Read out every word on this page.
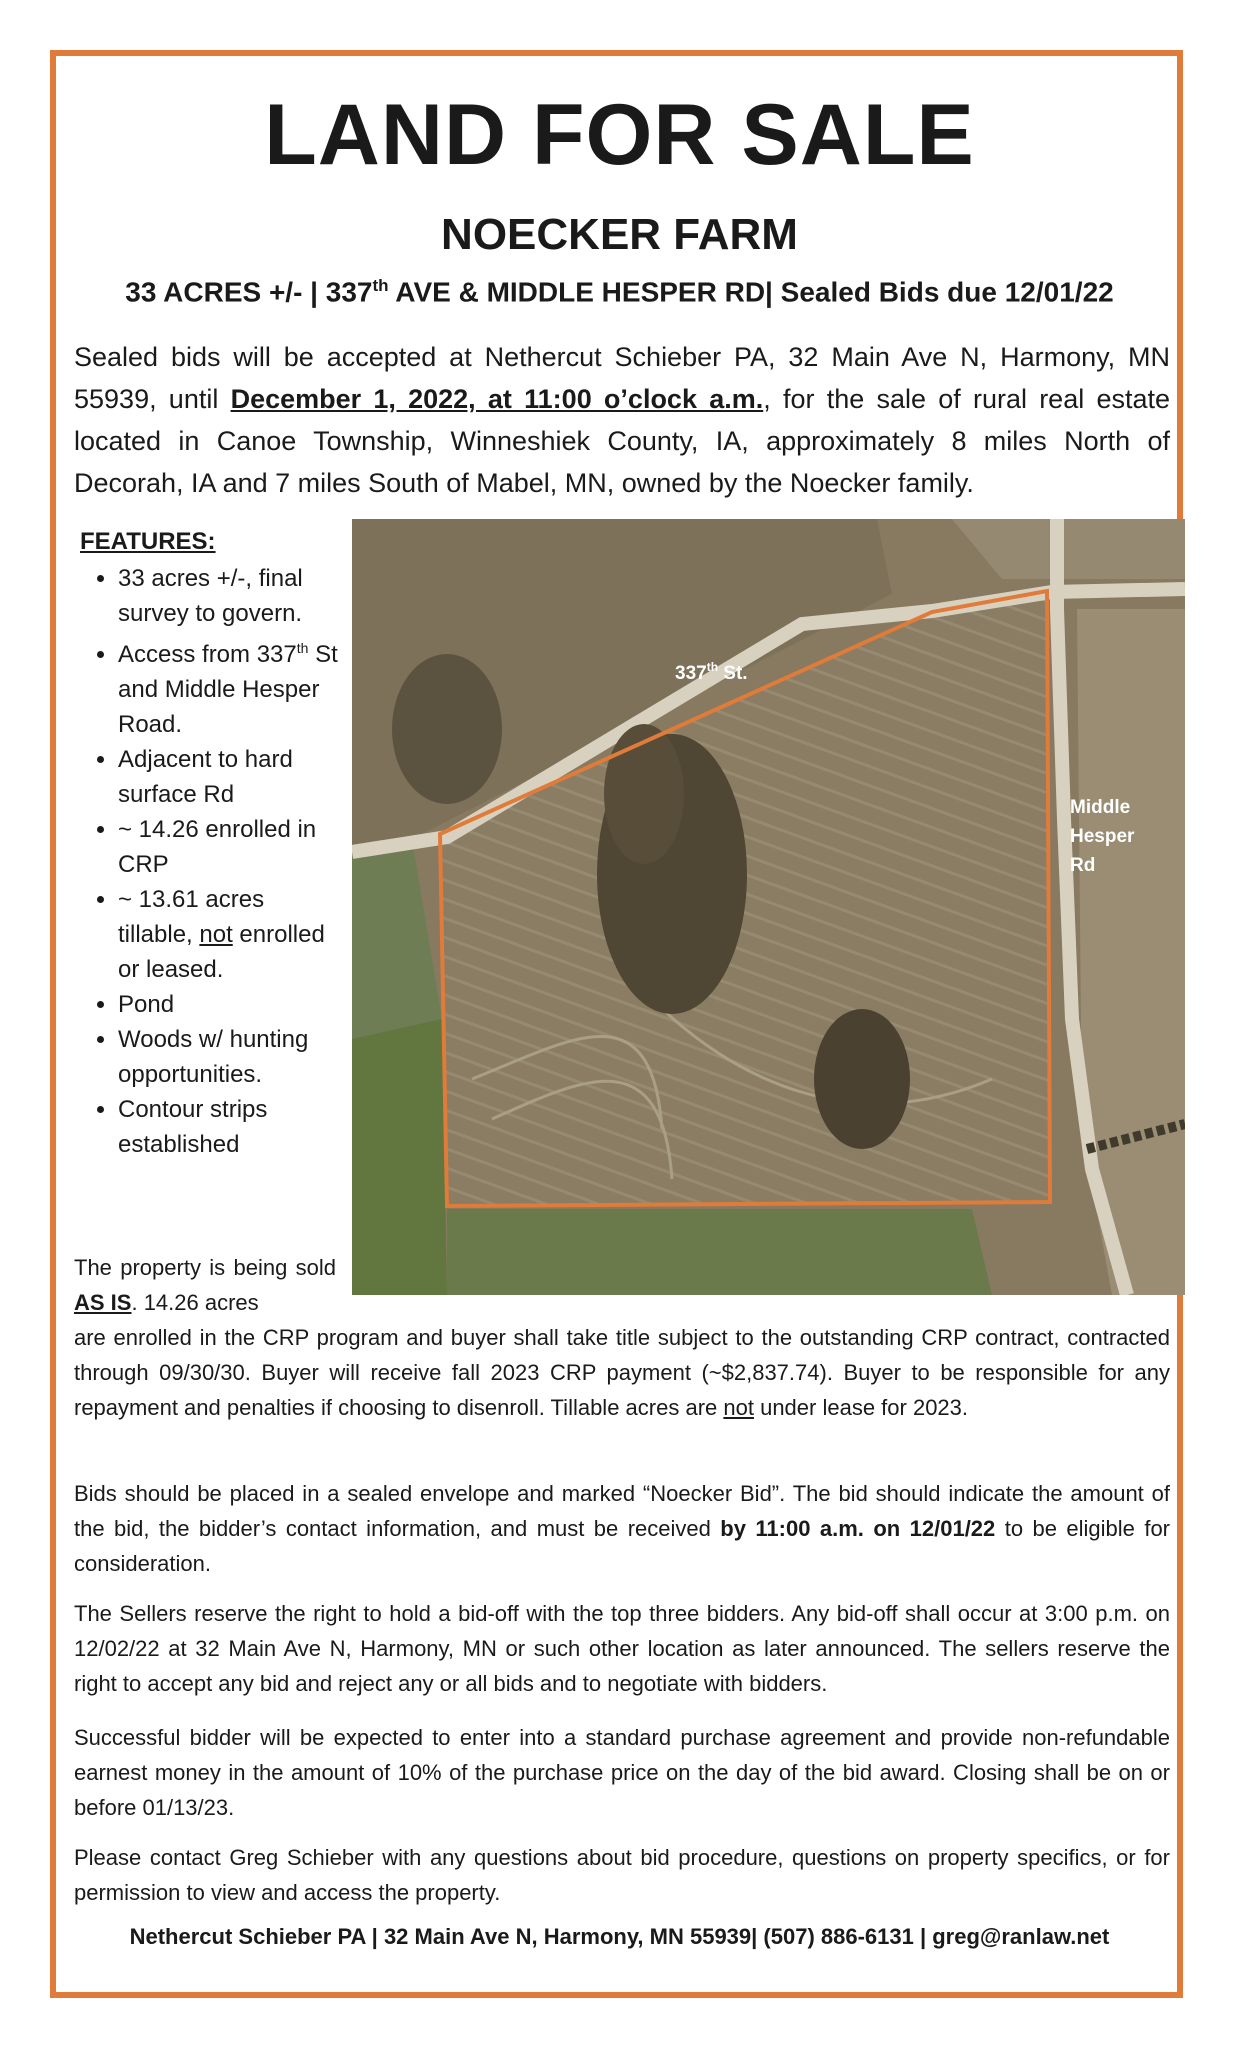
LAND FOR SALE
NOECKER FARM

33 ACRES +/- | 337th AVE & MIDDLE HESPER RD| Sealed Bids due 12/01/22

Sealed bids will be accepted at Nethercut Schieber PA, 32 Main Ave N, Harmony, MN 55939, until December 1, 2022, at 11:00 o’clock a.m., for the sale of rural real estate located in Canoe Township, Winneshiek County, IA, approximately 8 miles North of Decorah, IA and 7 miles South of Mabel, MN, owned by the Noecker family.

FEATURES:

• 33 acres +/-, final survey to govern.
• Access from 337th St and Middle Hesper Road.
• Adjacent to hard surface Rd
• ~ 14.26 enrolled in CRP
• ~ 13.61 acres tillable, not enrolled or leased.
• Pond
• Woods w/ hunting opportunities.
• Contour strips established
337th St.
Middle
Hesper
Rd

The property is being sold AS IS. 14.26 acres

are enrolled in the CRP program and buyer shall take title subject to the outstanding CRP contract, contracted through 09/30/30. Buyer will receive fall 2023 CRP payment (~$2,837.74). Buyer to be responsible for any repayment and penalties if choosing to disenroll. Tillable acres are not under lease for 2023.

Bids should be placed in a sealed envelope and marked “Noecker Bid”. The bid should indicate the amount of the bid, the bidder’s contact information, and must be received by 11:00 a.m. on 12/01/22 to be eligible for consideration.

The Sellers reserve the right to hold a bid-off with the top three bidders. Any bid-off shall occur at 3:00 p.m. on 12/02/22 at 32 Main Ave N, Harmony, MN or such other location as later announced. The sellers reserve the right to accept any bid and reject any or all bids and to negotiate with bidders.

Successful bidder will be expected to enter into a standard purchase agreement and provide non-refundable earnest money in the amount of 10% of the purchase price on the day of the bid award. Closing shall be on or before 01/13/23.

Please contact Greg Schieber with any questions about bid procedure, questions on property specifics, or for permission to view and access the property.

Nethercut Schieber PA | 32 Main Ave N, Harmony, MN 55939| (507) 886-6131 | greg@ranlaw.net
